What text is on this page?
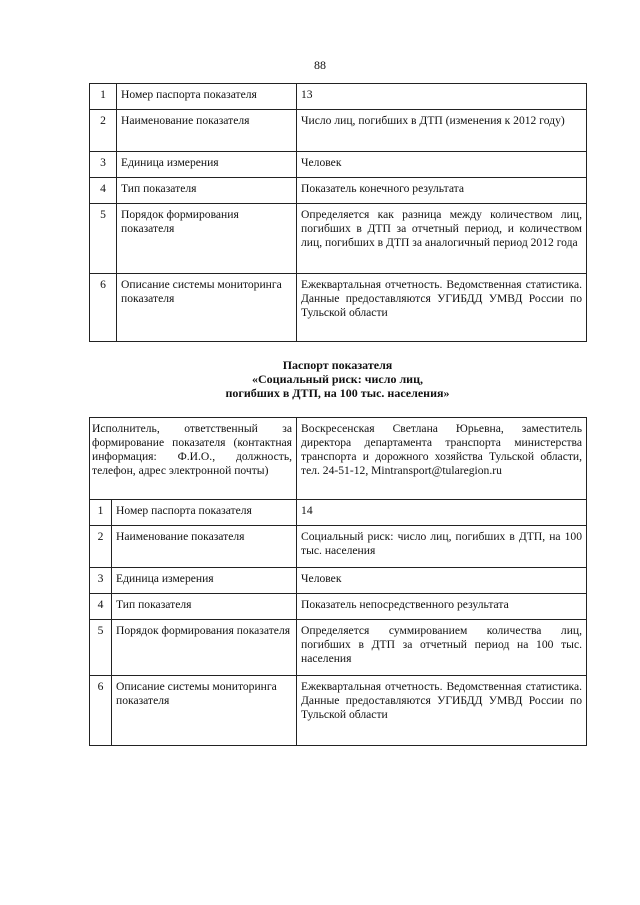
88
1	Номер паспорта показателя	13
2	Наименование показателя	Число лиц, погибших в ДТП (изменения к 2012 году)
3	Единица измерения	Человек
4	Тип показателя	Показатель конечного результата
5	Порядок формирования показателя	Определяется как разница между количеством лиц, погибших в ДТП за отчетный период, и количеством лиц, погибших в ДТП за аналогичный период 2012 года
6	Описание системы мониторинга показателя	Ежеквартальная отчетность. Ведомственная статистика. Данные предоставляются УГИБДД УМВД России по Тульской области
Паспорт показателя
«Социальный риск: число лиц,
погибших в ДТП, на 100 тыс. населения»
Исполнитель, ответственный за формирование показателя (контактная информация: Ф.И.О., должность, телефон, адрес электронной почты)		Воскресенская Светлана Юрьевна, заместитель директора департамента транспорта министерства транспорта и дорожного хозяйства Тульской области, тел. 24-51-12, Mintransport@tularegion.ru
1	Номер паспорта показателя	14
2	Наименование показателя	Социальный риск: число лиц, погибших в ДТП, на 100 тыс. населения
3	Единица измерения	Человек
4	Тип показателя	Показатель непосредственного результата
5	Порядок формирования показателя	Определяется суммированием количества лиц, погибших в ДТП за отчетный период на 100 тыс. населения
6	Описание системы мониторинга показателя	Ежеквартальная отчетность. Ведомственная статистика. Данные предоставляются УГИБДД УМВД России по Тульской области
